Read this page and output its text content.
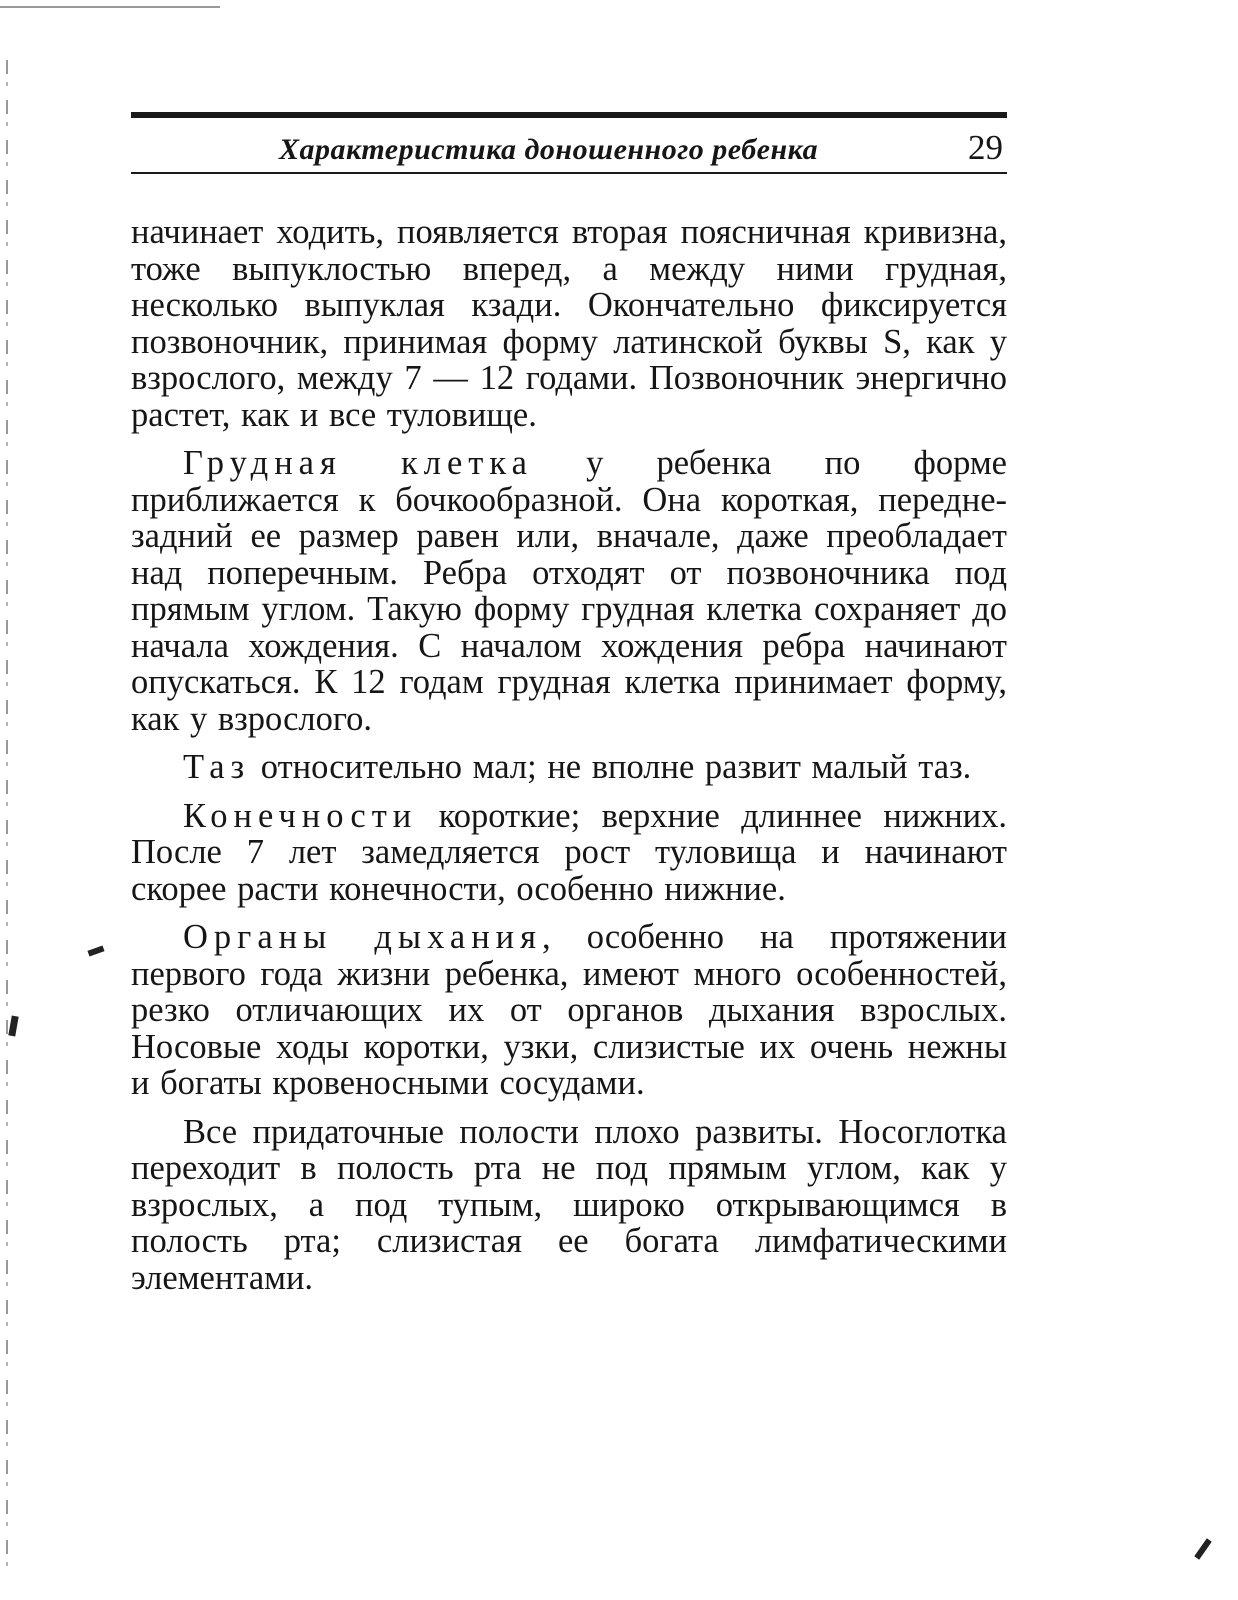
Характеристика доношенного ребенка	29

начинает ходить, появляется вторая поясничная кривизна, тоже выпуклостью вперед, а между ними грудная, несколько выпуклая кзади. Окончательно фиксируется позвоночник, принимая форму латинской буквы S, как у взрослого, между 7 — 12 годами. Позвоночник энергично растет, как и все туловище.

Грудная клетка у ребенка по форме приближается к бочкообразной. Она короткая, передне-задний ее размер равен или, вначале, даже преобладает над поперечным. Ребра отходят от позвоночника под прямым углом. Такую форму грудная клетка сохраняет до начала хождения. С началом хождения ребра начинают опускаться. К 12 годам грудная клетка принимает форму, как у взрослого.

Таз относительно мал; не вполне развит малый таз.

Конечности короткие; верхние длиннее нижних. После 7 лет замедляется рост туловища и начинают скорее расти конечности, особенно нижние.

Органы дыхания, особенно на протяжении первого года жизни ребенка, имеют много особенностей, резко отличающих их от органов дыхания взрослых. Носовые ходы коротки, узки, слизистые их очень нежны и богаты кровеносными сосудами.

Все придаточные полости плохо развиты. Носоглотка переходит в полость рта не под прямым углом, как у взрослых, а под тупым, широко открывающимся в полость рта; слизистая ее богата лимфатическими элементами.
